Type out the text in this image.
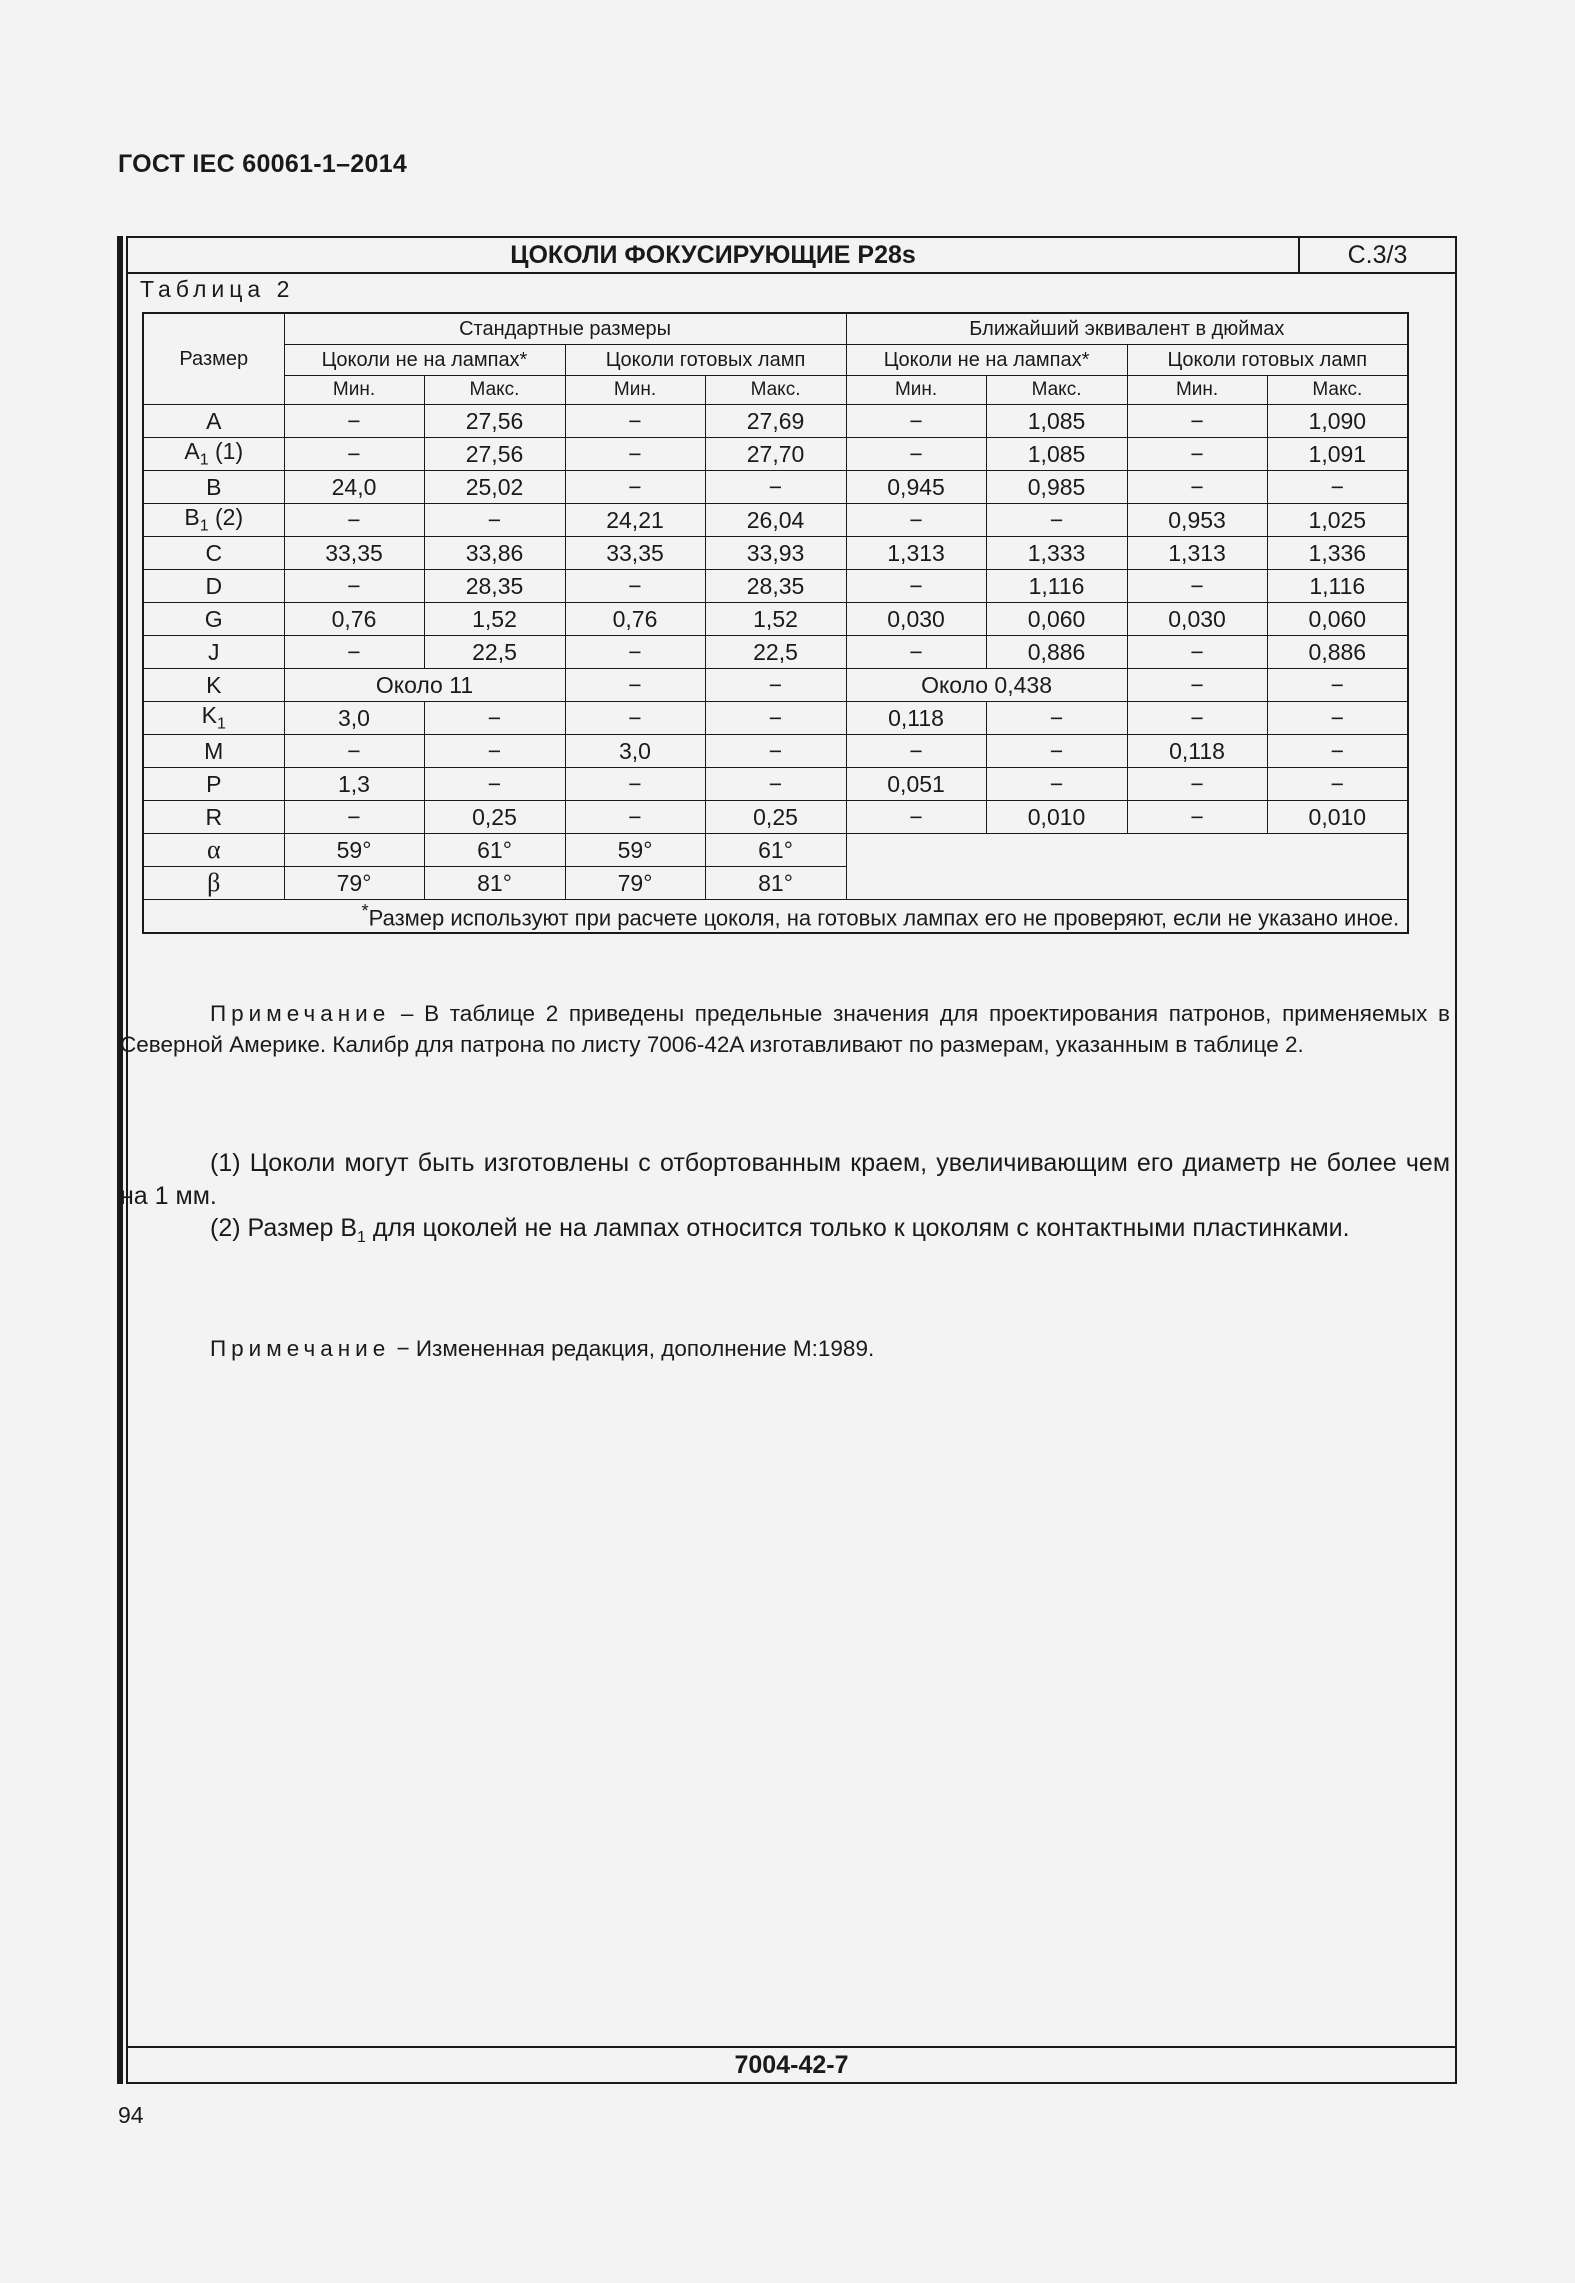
ГОСТ IEC 60061-1–2014
ЦОКОЛИ ФОКУСИРУЮЩИЕ P28s	С.3/3
Таблица 2
Размер	Стандартные размеры				Ближайший эквивалент в дюймах			
	Цоколи не на лампах*		Цоколи готовых ламп		Цоколи не на лампах*		Цоколи готовых ламп	
	Мин.	Макс.	Мин.	Макс.	Мин.	Макс.	Мин.	Макс.
A	−	27,56	−	27,69	−	1,085	−	1,090
$A_1$ (1)	−	27,56	−	27,70	−	1,085	−	1,091
B	24,0	25,02	−	−	0,945	0,985	−	−
$B_1$ (2)	−	−	24,21	26,04	−	−	0,953	1,025
C	33,35	33,86	33,35	33,93	1,313	1,333	1,313	1,336
D	−	28,35	−	28,35	−	1,116	−	1,116
G	0,76	1,52	0,76	1,52	0,030	0,060	0,030	0,060
J	−	22,5	−	22,5	−	0,886	−	0,886
K	Около 11		−	−	Около 0,438		−	−
$K_1$	3,0	−	−	−	0,118	−	−	−
M	−	−	3,0	−	−	−	0,118	−
P	1,3	−	−	−	0,051	−	−	−
R	−	0,25	−	0,25	−	0,010	−	0,010
α	59°	61°	59°	61°				
β	79°	81°	79°	81°				
*Размер используют при расчете цоколя, на готовых лампах его не проверяют, если не указано иное.								
7004-42-7
Примечание – В таблице 2 приведены предельные значения для проектирования патронов, применяемых в Северной Америке. Калибр для патрона по листу 7006-42A изготавливают по размерам, указанным в таблице 2.
(1) Цоколи могут быть изготовлены с отбортованным краем, увеличивающим его диаметр не более чем на 1 мм.
(2) Размер $B_1$ для цоколей не на лампах относится только к цоколям с контактными пластинками.
Примечание − Измененная редакция, дополнение M:1989.
94
